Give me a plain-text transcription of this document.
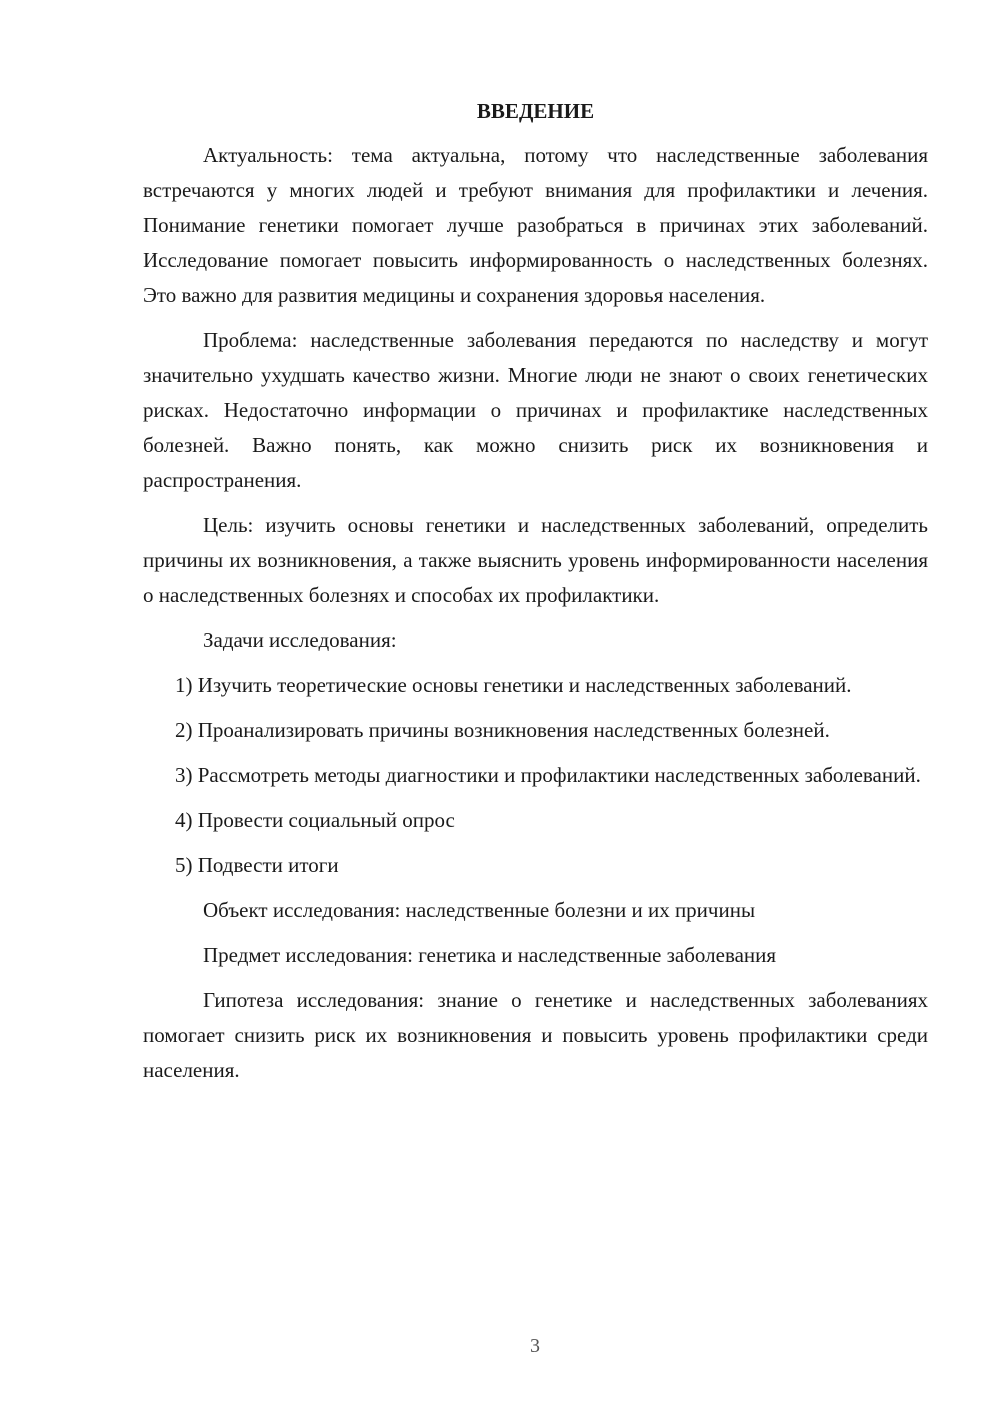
ВВЕДЕНИЕ

Актуальность: тема актуальна, потому что наследственные заболевания встречаются у многих людей и требуют внимания для профилактики и лечения. Понимание генетики помогает лучше разобраться в причинах этих заболеваний. Исследование помогает повысить информированность о наследственных болезнях. Это важно для развития медицины и сохранения здоровья населения.

Проблема: наследственные заболевания передаются по наследству и могут значительно ухудшать качество жизни. Многие люди не знают о своих генетических рисках. Недостаточно информации о причинах и профилактике наследственных болезней. Важно понять, как можно снизить риск их возникновения и распространения.

Цель: изучить основы генетики и наследственных заболеваний, определить причины их возникновения, а также выяснить уровень информированности населения о наследственных болезнях и способах их профилактики.

Задачи исследования:

1) Изучить теоретические основы генетики и наследственных заболеваний.

2) Проанализировать причины возникновения наследственных болезней.

3) Рассмотреть методы диагностики и профилактики наследственных заболеваний.

4) Провести социальный опрос

5) Подвести итоги

Объект исследования: наследственные болезни и их причины

Предмет исследования: генетика и наследственные заболевания

Гипотеза исследования: знание о генетике и наследственных заболеваниях помогает снизить риск их возникновения и повысить уровень профилактики среди населения.

3
